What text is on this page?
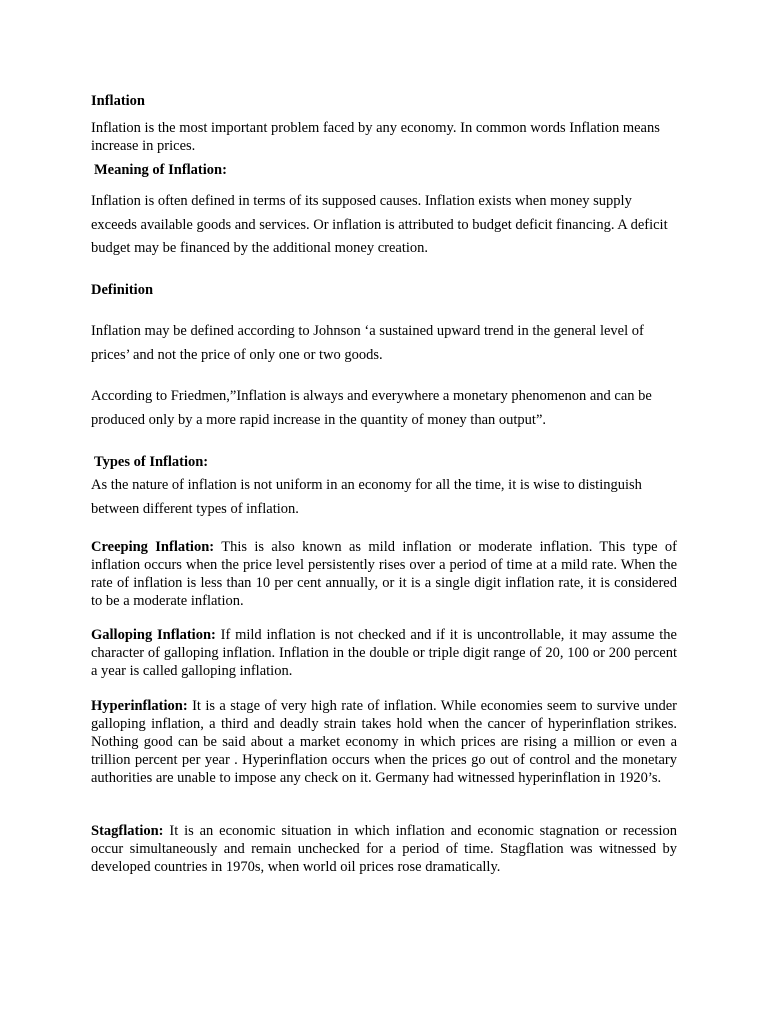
Inflation

Inflation is the most important problem faced by any economy. In common words Inflation means increase in prices.

Meaning of Inflation:

Inflation is often defined in terms of its supposed causes. Inflation exists when money supply exceeds available goods and services. Or inflation is attributed to budget deficit financing. A deficit budget may be financed by the additional money creation.

Definition

Inflation may be defined according to Johnson ‘a sustained upward trend in the general level of prices’ and not the price of only one or two goods.

According to Friedmen,”Inflation is always and everywhere a monetary phenomenon and can be produced only by a more rapid increase in the quantity of money than output”.

Types of Inflation:

As the nature of inflation is not uniform in an economy for all the time, it is wise to distinguish between different types of inflation.

Creeping Inflation: This is also known as mild inflation or moderate inflation. This type of inflation occurs when the price level persistently rises over a period of time at a mild rate. When the rate of inflation is less than 10 per cent annually, or it is a single digit inflation rate, it is considered to be a moderate inflation.

Galloping Inflation: If mild inflation is not checked and if it is uncontrollable, it may assume the character of galloping inflation. Inflation in the double or triple digit range of 20, 100 or 200 percent a year is called galloping inflation.

Hyperinflation: It is a stage of very high rate of inflation. While economies seem to survive under galloping inflation, a third and deadly strain takes hold when the cancer of hyperinflation strikes. Nothing good can be said about a market economy in which prices are rising a million or even a trillion percent per year . Hyperinflation occurs when the prices go out of control and the monetary authorities are unable to impose any check on it. Germany had witnessed hyperinflation in 1920’s.

Stagflation: It is an economic situation in which inflation and economic stagnation or recession occur simultaneously and remain unchecked for a period of time. Stagflation was witnessed by developed countries in 1970s, when world oil prices rose dramatically.
